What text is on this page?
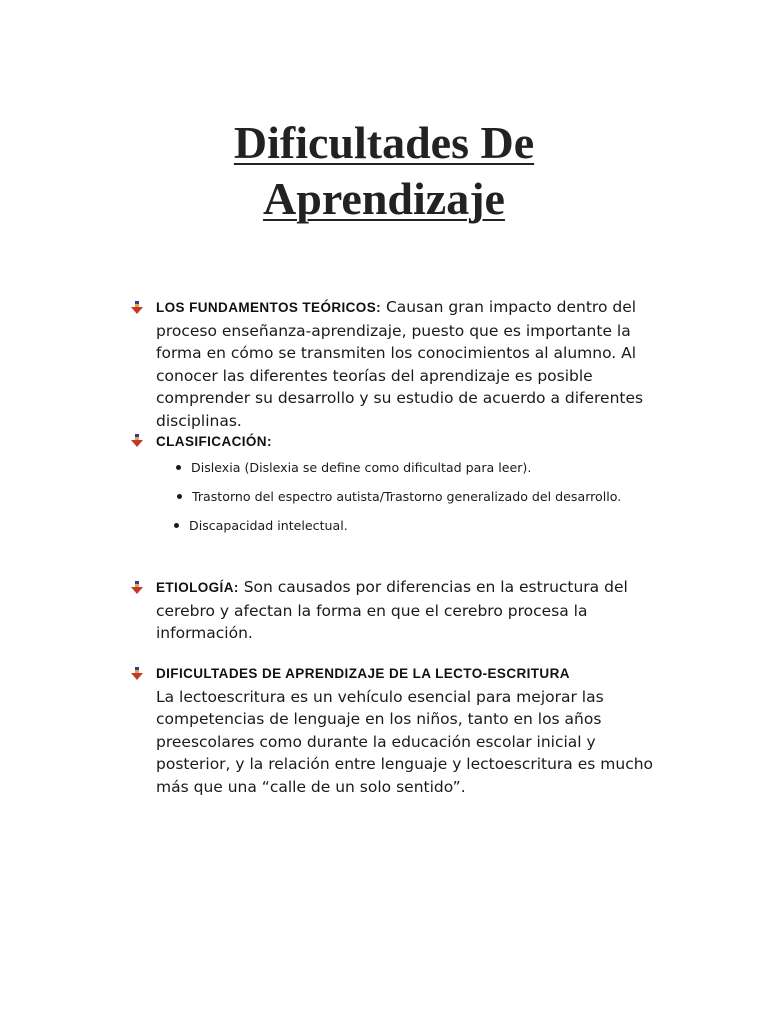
Dificultades De
Aprendizaje
LOS FUNDAMENTOS TEÓRICOS: Causan gran impacto dentro del proceso enseñanza-aprendizaje, puesto que es importante la forma en cómo se transmiten los conocimientos al alumno. Al conocer las diferentes teorías del aprendizaje es posible comprender su desarrollo y su estudio de acuerdo a diferentes disciplinas.
CLASIFICACIÓN:
Dislexia (Dislexia se define como dificultad para leer).
Trastorno del espectro autista/Trastorno generalizado del desarrollo.
Discapacidad intelectual.
ETIOLOGÍA: Son causados por diferencias en la estructura del cerebro y afectan la forma en que el cerebro procesa la información.
DIFICULTADES DE APRENDIZAJE DE LA LECTO-ESCRITURA
La lectoescritura es un vehículo esencial para mejorar las competencias de lenguaje en los niños, tanto en los años preescolares como durante la educación escolar inicial y posterior, y la relación entre lenguaje y lectoescritura es mucho más que una “calle de un solo sentido”.
